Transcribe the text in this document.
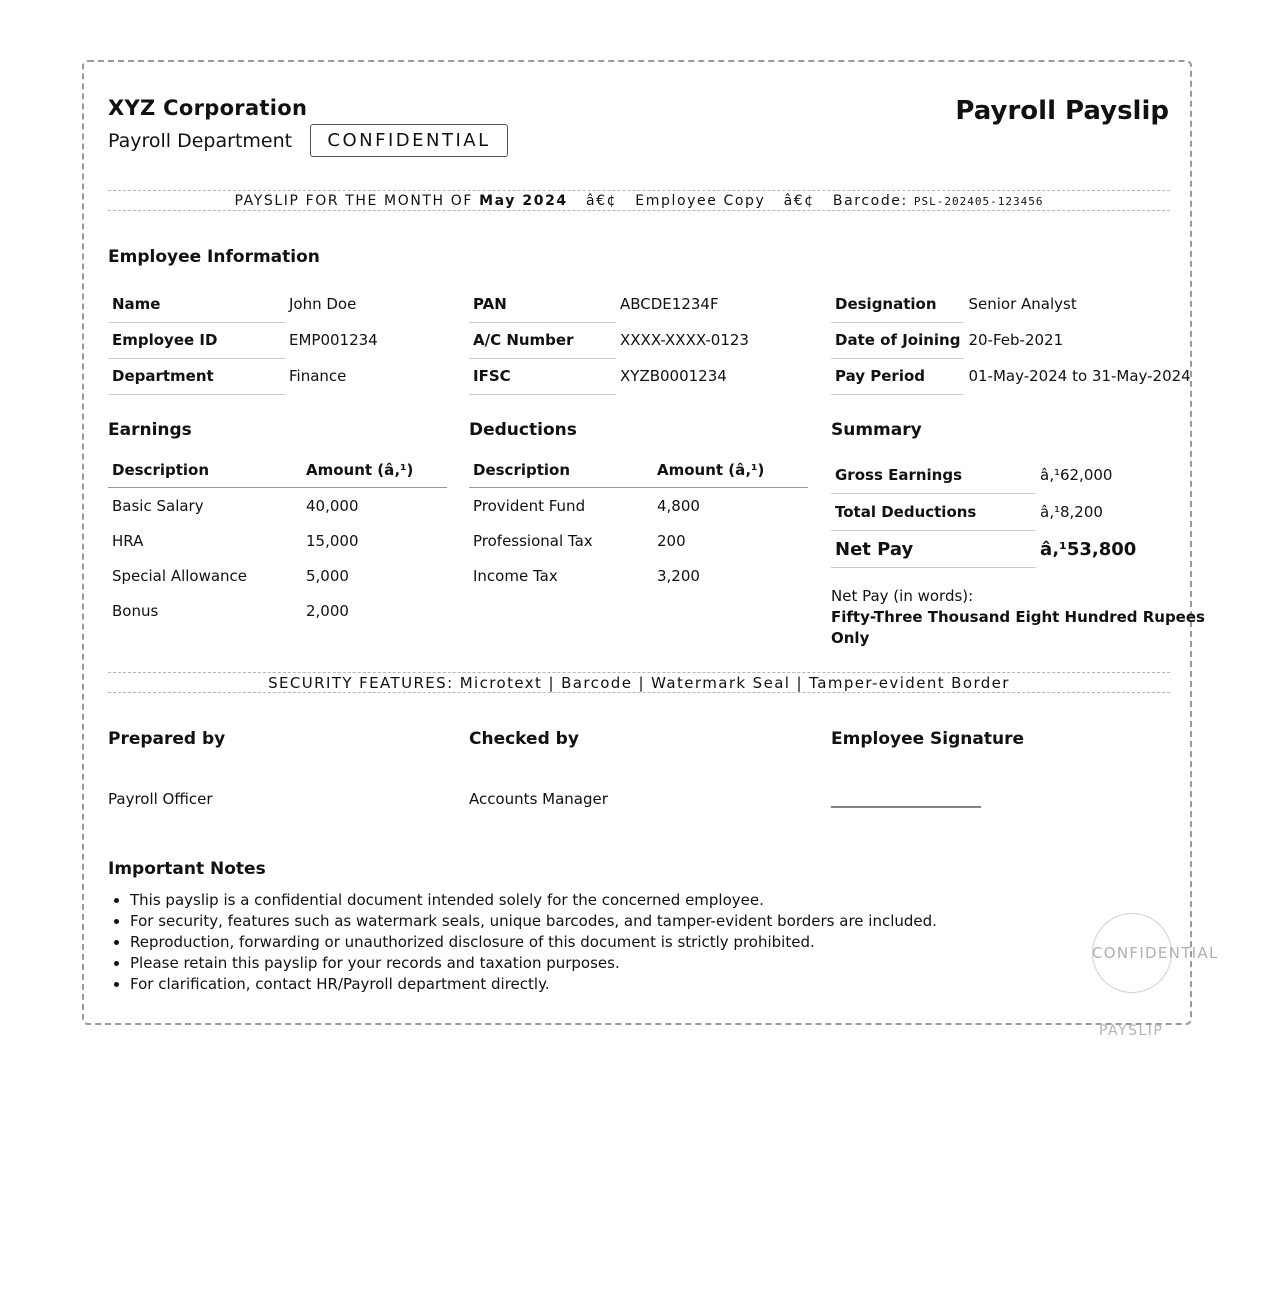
XYZ Corporation
Payroll Department	CONFIDENTIAL
Payroll Payslip
PAYSLIP FOR THE MONTH OF May 2024 â€¢ Employee Copy â€¢ Barcode: PSL-202405-123456
Employee Information
Name	John Doe
Employee ID	EMP001234
Department	Finance
PAN	ABCDE1234F
A/C Number	XXXX-XXXX-0123
IFSC	XYZB0001234
Designation	Senior Analyst
Date of Joining	20-Feb-2021
Pay Period	01-May-2024 to 31-May-2024
Earnings
Description	Amount (â‚¹)
Basic Salary	40,000
HRA	15,000
Special Allowance	5,000
Bonus	2,000
Deductions
Description	Amount (â‚¹)
Provident Fund	4,800
Professional Tax	200
Income Tax	3,200
Summary
Gross Earnings	â‚¹62,000
Total Deductions	â‚¹8,200
Net Pay	â‚¹53,800
Net Pay (in words):
Fifty-Three Thousand Eight Hundred Rupees
Only
SECURITY FEATURES: Microtext | Barcode | Watermark Seal | Tamper-evident Border
Prepared by
Payroll Officer
Checked by
Accounts Manager
Employee Signature
____________________
Important Notes
• This payslip is a confidential document intended solely for the concerned employee.
• For security, features such as watermark seals, unique barcodes, and tamper-evident borders are included.
• Reproduction, forwarding or unauthorized disclosure of this document is strictly prohibited.
• Please retain this payslip for your records and taxation purposes.
• For clarification, contact HR/Payroll department directly.
CONFIDENTIAL
PAYSLIP
